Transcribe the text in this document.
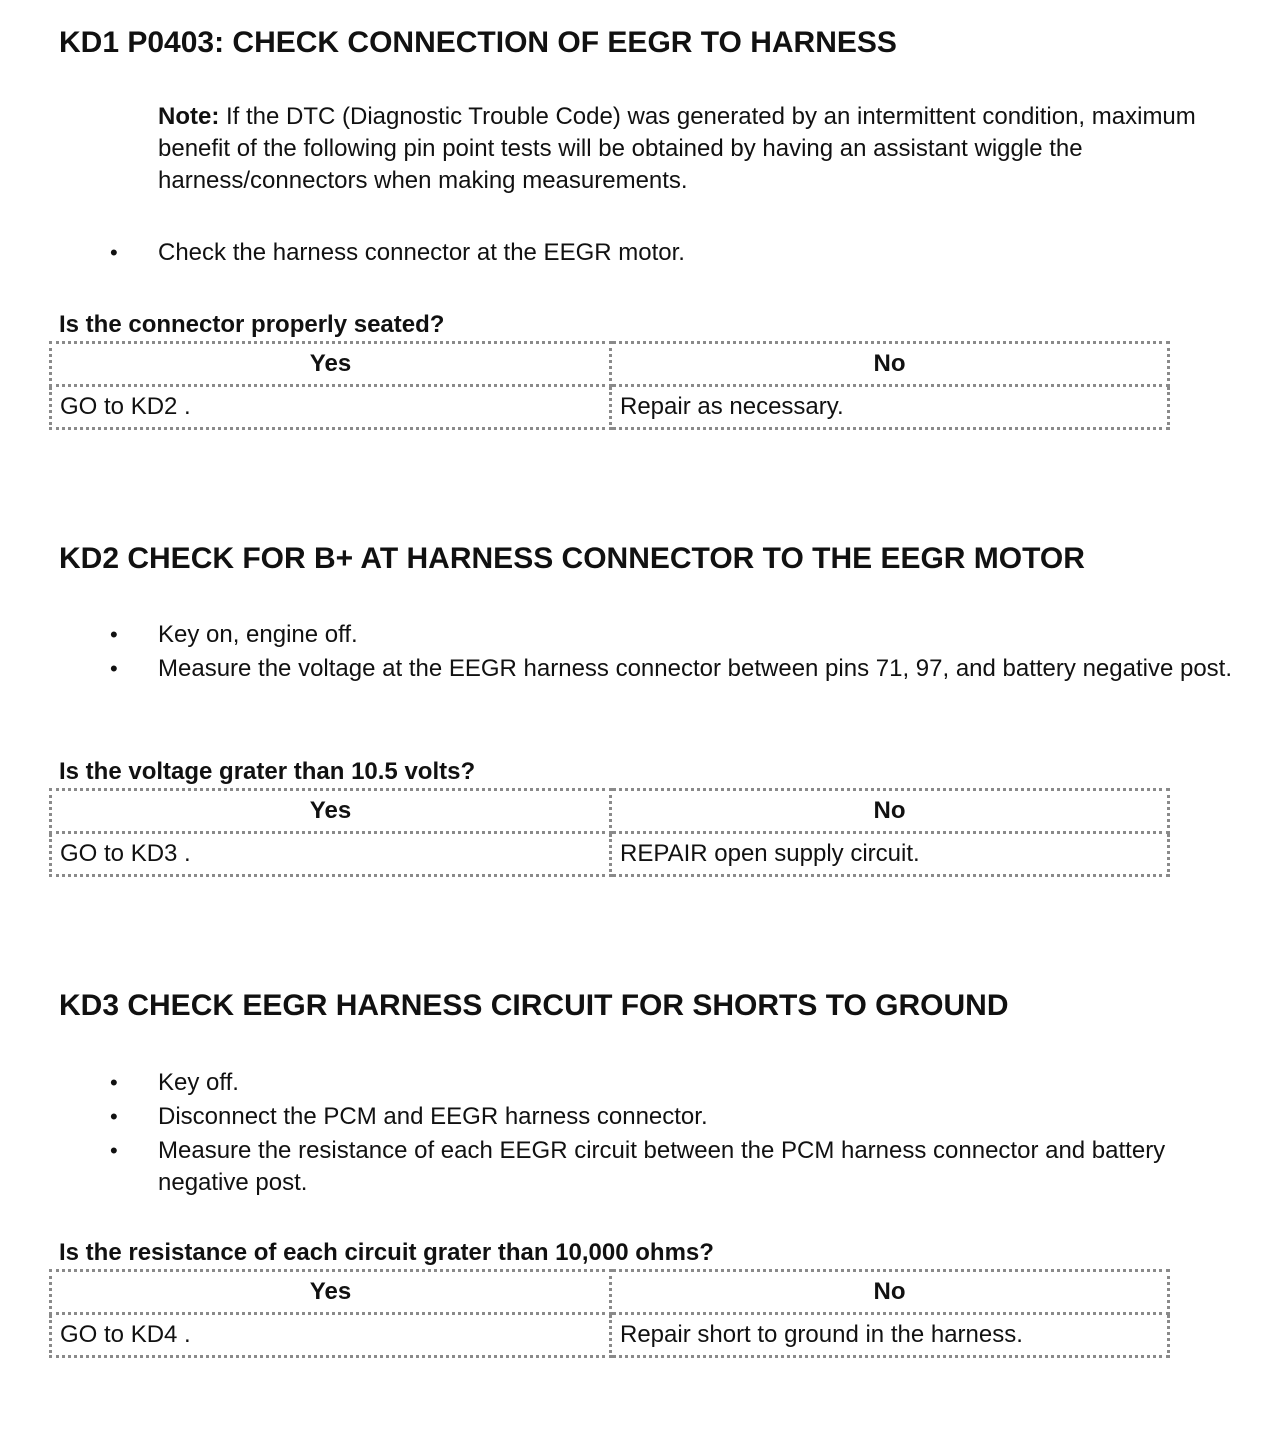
KD1 P0403: CHECK CONNECTION OF EEGR TO HARNESS
Note: If the DTC (Diagnostic Trouble Code) was generated by an intermittent condition, maximum benefit of the following pin point tests will be obtained by having an assistant wiggle the harness/connectors when making measurements.
• Check the harness connector at the EEGR motor.
Is the connector properly seated?
Yes	No
GO to KD2 .	Repair as necessary.
KD2 CHECK FOR B+ AT HARNESS CONNECTOR TO THE EEGR MOTOR
• Key on, engine off.
• Measure the voltage at the EEGR harness connector between pins 71, 97, and battery negative post.
Is the voltage grater than 10.5 volts?
Yes	No
GO to KD3 .	REPAIR open supply circuit.
KD3 CHECK EEGR HARNESS CIRCUIT FOR SHORTS TO GROUND
• Key off.
• Disconnect the PCM and EEGR harness connector.
• Measure the resistance of each EEGR circuit between the PCM harness connector and battery negative post.
Is the resistance of each circuit grater than 10,000 ohms?
Yes	No
GO to KD4 .	Repair short to ground in the harness.
